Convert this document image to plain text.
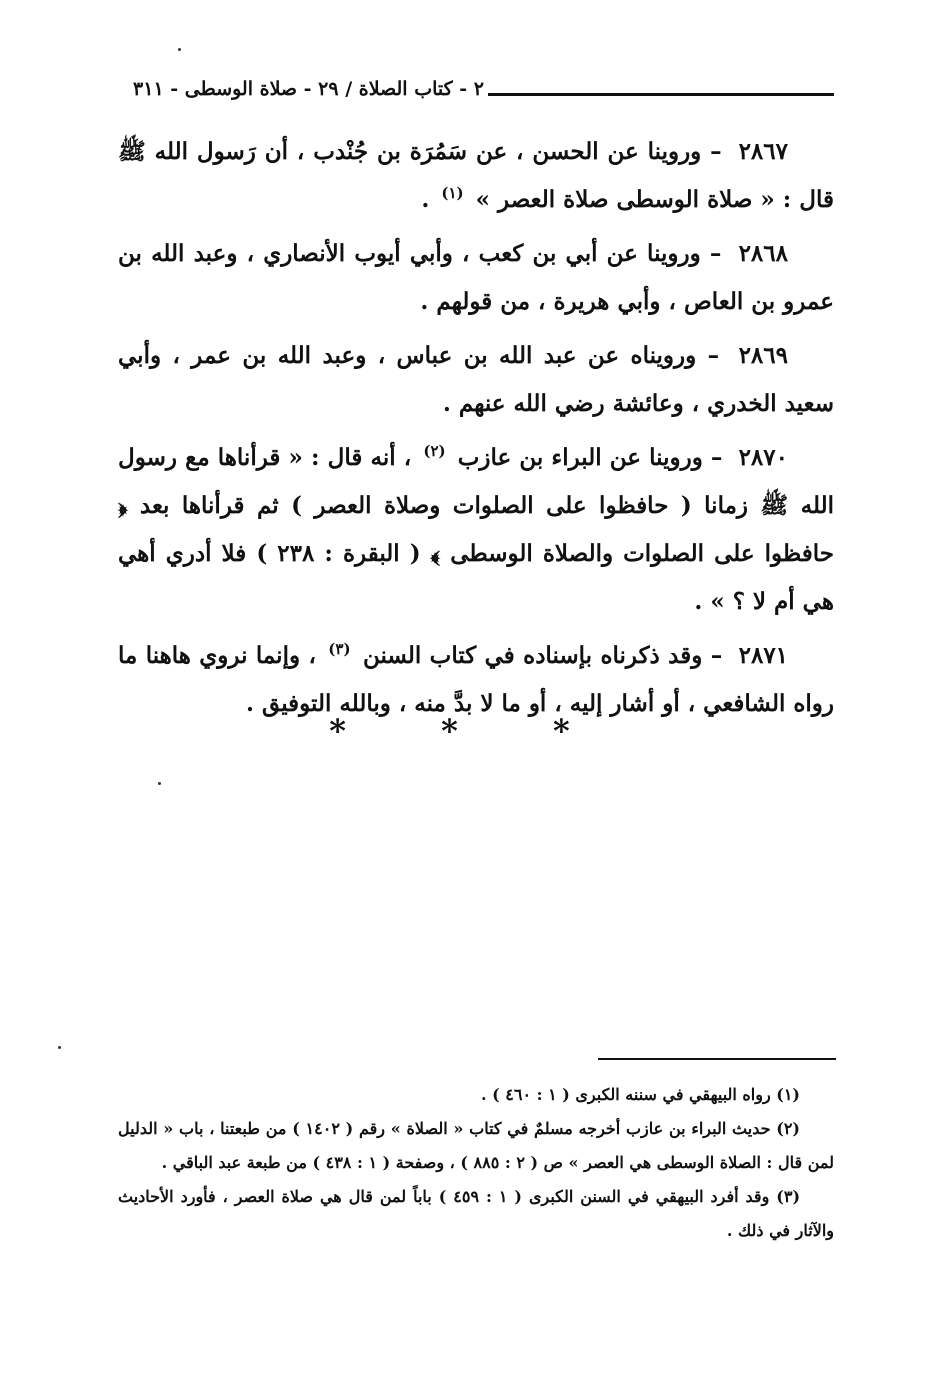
٢ - كتاب الصلاة / ٢٩ - صلاة الوسطى - ٣١١

٢٨٦٧ – وروينا عن الحسن ، عن سَمُرَة بن جُنْدب ، أن رَسول الله ﷺ قال : « صلاة الوسطى صلاة العصر » $^{(١)}$ .

٢٨٦٨ – وروينا عن أبي بن كعب ، وأبي أيوب الأنصاري ، وعبد الله بن عمرو بن العاص ، وأبي هريرة ، من قولهم .

٢٨٦٩ – ورويناه عن عبد الله بن عباس ، وعبد الله بن عمر ، وأبي سعيد الخدري ، وعائشة رضي الله عنهم .

٢٨٧٠ – وروينا عن البراء بن عازب $^{(٢)}$ ، أنه قال : « قرأناها مع رسول الله ﷺ زمانا ( حافظوا على الصلوات وصلاة العصر ) ثم قرأناها بعد ﴿ حافظوا على الصلوات والصلاة الوسطى ﴾ ( البقرة : ٢٣٨ ) فلا أدري أهي هي أم لا ؟ » .

٢٨٧١ – وقد ذكرناه بإسناده في كتاب السنن $^{(٣)}$ ، وإنما نروي هاهنا ما رواه الشافعي ، أو أشار إليه ، أو ما لا بدَّ منه ، وبالله التوفيق .

* * *

(١) رواه البيهقي في سننه الكبرى ( ١ : ٤٦٠ ) .

(٢) حديث البراء بن عازب أخرجه مسلمٌ في كتاب « الصلاة » رقم ( ١٤٠٢ ) من طبعتنا ، باب « الدليل لمن قال : الصلاة الوسطى هي العصر » ص ( ٢ : ٨٨٥ ) ، وصفحة ( ١ : ٤٣٨ ) من طبعة عبد الباقي .

(٣) وقد أفرد البيهقي في السنن الكبرى ( ١ : ٤٥٩ ) باباً لمن قال هي صلاة العصر ، فأورد الأحاديث والآثار في ذلك .
